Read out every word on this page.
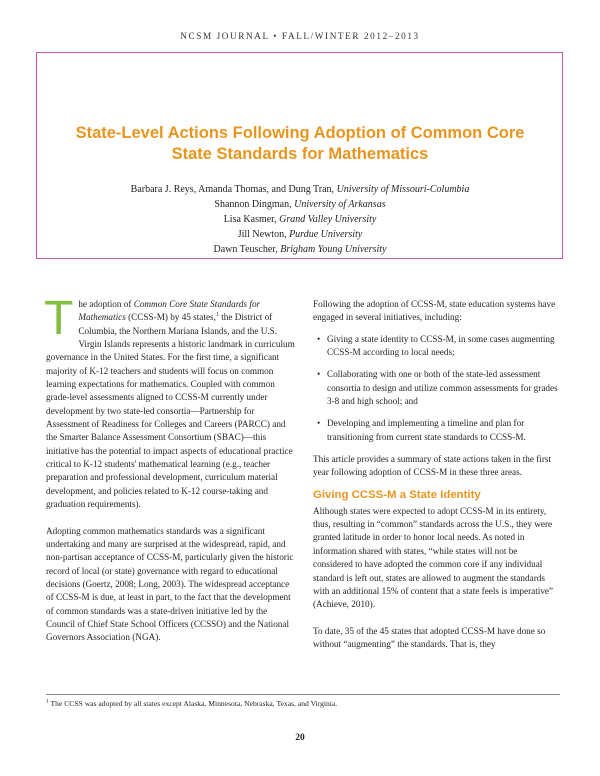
NCSM JOURNAL • FALL/WINTER 2012–2013
State-Level Actions Following Adoption of Common Core
State Standards for Mathematics
Barbara J. Reys, Amanda Thomas, and Dung Tran, University of Missouri-Columbia
Shannon Dingman, University of Arkansas
Lisa Kasmer, Grand Valley University
Jill Newton, Purdue University
Dawn Teuscher, Brigham Young University

The adoption of Common Core State Standards for Mathematics (CCSS-M) by 45 states,$^1$ the District of Columbia, the Northern Mariana Islands, and the U.S. Virgin Islands represents a historic landmark in curriculum governance in the United States. For the first time, a significant majority of K-12 teachers and students will focus on common learning expectations for mathematics. Coupled with common grade-level assessments aligned to CCSS-M currently under development by two state-led consortia—Partnership for Assessment of Readiness for Colleges and Careers (PARCC) and the Smarter Balance Assessment Consortium (SBAC)—this initiative has the potential to impact aspects of educational practice critical to K-12 students' mathematical learning (e.g., teacher preparation and professional development, curriculum material development, and policies related to K-12 course-taking and graduation requirements).

Adopting common mathematics standards was a significant undertaking and many are surprised at the widespread, rapid, and non-partisan acceptance of CCSS-M, particularly given the historic record of local (or state) governance with regard to educational decisions (Goertz, 2008; Long, 2003). The widespread acceptance of CCSS-M is due, at least in part, to the fact that the development of common standards was a state-driven initiative led by the Council of Chief State School Officers (CCSSO) and the National Governors Association (NGA).

Following the adoption of CCSS-M, state education systems have engaged in several initiatives, including:

• Giving a state identity to CCSS-M, in some cases augmenting CCSS-M according to local needs;
• Collaborating with one or both of the state-led assessment consortia to design and utilize common assessments for grades 3-8 and high school; and
• Developing and implementing a timeline and plan for transitioning from current state standards to CCSS-M.

This article provides a summary of state actions taken in the first year following adoption of CCSS-M in these three areas.

Giving CCSS-M a State Identity

Although states were expected to adopt CCSS-M in its entirety, thus, resulting in “common” standards across the U.S., they were granted latitude in order to honor local needs. As noted in information shared with states, “while states will not be considered to have adopted the common core if any individual standard is left out, states are allowed to augment the standards with an additional 15% of content that a state feels is imperative” (Achieve, 2010).

To date, 35 of the 45 states that adopted CCSS-M have done so without “augmenting” the standards. That is, they

$^1$ The CCSS was adopted by all states except Alaska, Minnesota, Nebraska, Texas, and Virginia.
20
